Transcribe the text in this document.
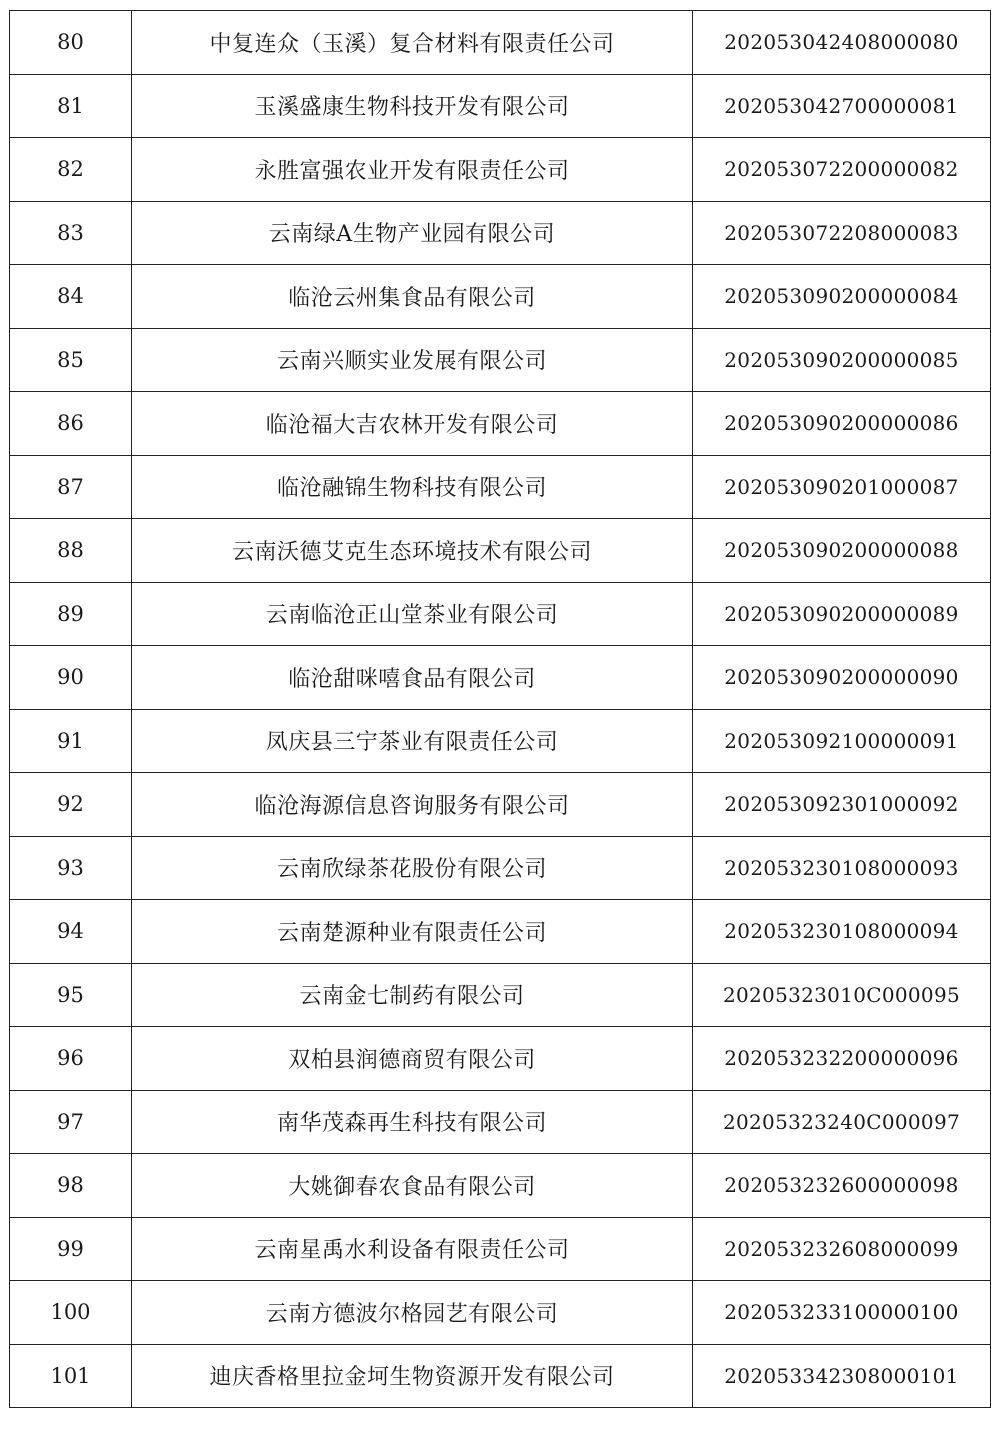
80	中复连众（玉溪）复合材料有限责任公司	202053042408000080
81	玉溪盛康生物科技开发有限公司	202053042700000081
82	永胜富强农业开发有限责任公司	202053072200000082
83	云南绿A生物产业园有限公司	202053072208000083
84	临沧云州集食品有限公司	202053090200000084
85	云南兴顺实业发展有限公司	202053090200000085
86	临沧福大吉农林开发有限公司	202053090200000086
87	临沧融锦生物科技有限公司	202053090201000087
88	云南沃德艾克生态环境技术有限公司	202053090200000088
89	云南临沧正山堂茶业有限公司	202053090200000089
90	临沧甜咪嘻食品有限公司	202053090200000090
91	凤庆县三宁茶业有限责任公司	202053092100000091
92	临沧海源信息咨询服务有限公司	202053092301000092
93	云南欣绿茶花股份有限公司	202053230108000093
94	云南楚源种业有限责任公司	202053230108000094
95	云南金七制药有限公司	20205323010C000095
96	双柏县润德商贸有限公司	202053232200000096
97	南华茂森再生科技有限公司	20205323240C000097
98	大姚御春农食品有限公司	202053232600000098
99	云南星禹水利设备有限责任公司	202053232608000099
100	云南方德波尔格园艺有限公司	202053233100000100
101	迪庆香格里拉金坷生物资源开发有限公司	202053342308000101
